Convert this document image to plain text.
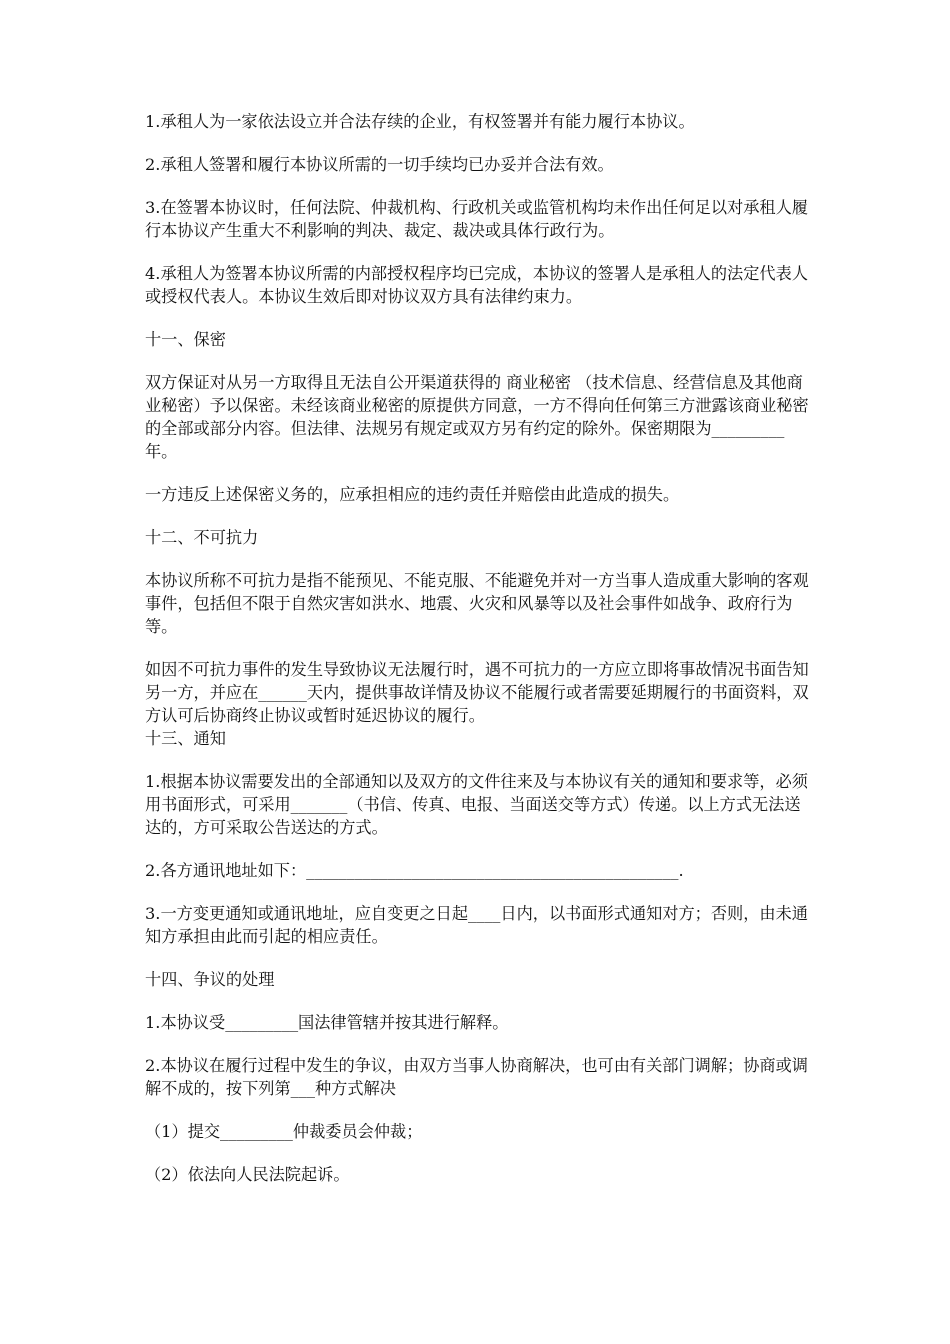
1.承租人为一家依法设立并合法存续的企业，有权签署并有能力履行本协议。

2.承租人签署和履行本协议所需的一切手续均已办妥并合法有效。

3.在签署本协议时，任何法院、仲裁机构、行政机关或监管机构均未作出任何足以对承租人履行本协议产生重大不利影响的判决、裁定、裁决或具体行政行为。

4.承租人为签署本协议所需的内部授权程序均已完成，本协议的签署人是承租人的法定代表人或授权代表人。本协议生效后即对协议双方具有法律约束力。

十一、保密

双方保证对从另一方取得且无法自公开渠道获得的 商业秘密 （技术信息、经营信息及其他商业秘密）予以保密。未经该商业秘密的原提供方同意，一方不得向任何第三方泄露该商业秘密的全部或部分内容。但法律、法规另有规定或双方另有约定的除外。保密期限为_________年。

一方违反上述保密义务的，应承担相应的违约责任并赔偿由此造成的损失。

十二、不可抗力

本协议所称不可抗力是指不能预见、不能克服、不能避免并对一方当事人造成重大影响的客观事件，包括但不限于自然灾害如洪水、地震、火灾和风暴等以及社会事件如战争、政府行为等。

如因不可抗力事件的发生导致协议无法履行时，遇不可抗力的一方应立即将事故情况书面告知另一方，并应在______天内，提供事故详情及协议不能履行或者需要延期履行的书面资料，双方认可后协商终止协议或暂时延迟协议的履行。

十三、通知

1.根据本协议需要发出的全部通知以及双方的文件往来及与本协议有关的通知和要求等，必须用书面形式，可采用_______（书信、传真、电报、当面送交等方式）传递。以上方式无法送达的，方可采取公告送达的方式。

2.各方通讯地址如下：______________________________________________.

3.一方变更通知或通讯地址，应自变更之日起____日内，以书面形式通知对方；否则，由未通知方承担由此而引起的相应责任。

十四、争议的处理

1.本协议受_________国法律管辖并按其进行解释。

2.本协议在履行过程中发生的争议，由双方当事人协商解决，也可由有关部门调解；协商或调解不成的，按下列第___种方式解决

（1）提交_________仲裁委员会仲裁；

（2）依法向人民法院起诉。
